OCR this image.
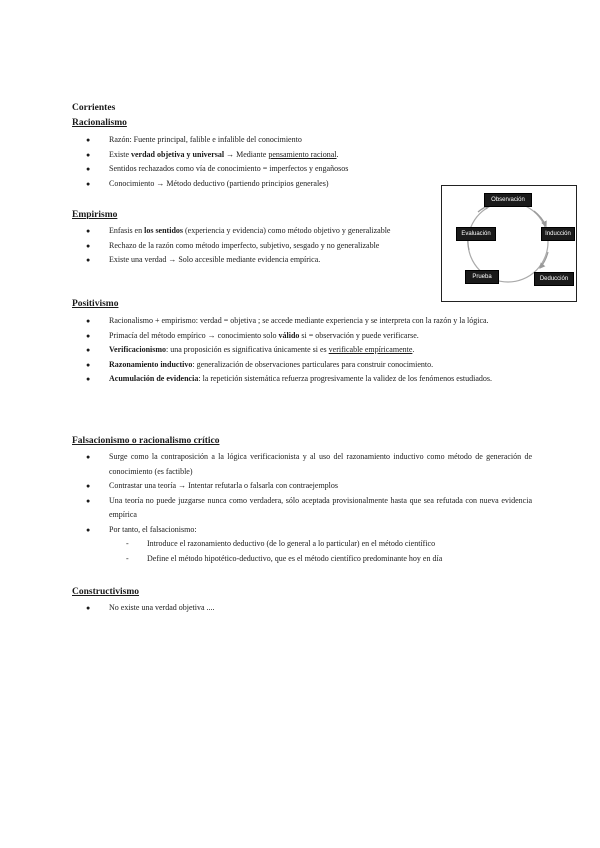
Corrientes
Racionalismo
● Razón: Fuente principal, falible e infalible del conocimiento
● Existe verdad objetiva y universal → Mediante pensamiento racional.
● Sentidos rechazados como vía de conocimiento = imperfectos y engañosos
● Conocimiento → Método deductivo (partiendo principios generales)
Empirismo
● Enfasis en los sentidos (experiencia y evidencia) como método objetivo y generalizable
● Rechazo de la razón como método imperfecto, subjetivo, sesgado y no generalizable
● Existe una verdad → Solo accesible mediante evidencia empírica.
Observación
Inducción
Deducción
Prueba
Evaluación
Positivismo
● Racionalismo + empirismo: verdad = objetiva ; se accede mediante experiencia y se interpreta con la razón y la lógica.
● Primacía del método empírico → conocimiento solo válido si = observación y puede verificarse.
● Verificacionismo: una proposición es significativa únicamente si es verificable empíricamente.
● Razonamiento inductivo: generalización de observaciones particulares para construir conocimiento.
● Acumulación de evidencia: la repetición sistemática refuerza progresivamente la validez de los fenómenos estudiados.
Falsacionismo o racionalismo crítico
● Surge como la contraposición a la lógica verificacionista y al uso del razonamiento inductivo como método de generación de conocimiento (es factible)
● Contrastar una teoría → Intentar refutarla o falsarla con contraejemplos
● Una teoría no puede juzgarse nunca como verdadera, sólo aceptada provisionalmente hasta que sea refutada con nueva evidencia empírica
● Por tanto, el falsacionismo:
- Introduce el razonamiento deductivo (de lo general a lo particular) en el método científico
- Define el método hipotético-deductivo, que es el método científico predominante hoy en día
Constructivismo
● No existe una verdad objetiva ....
